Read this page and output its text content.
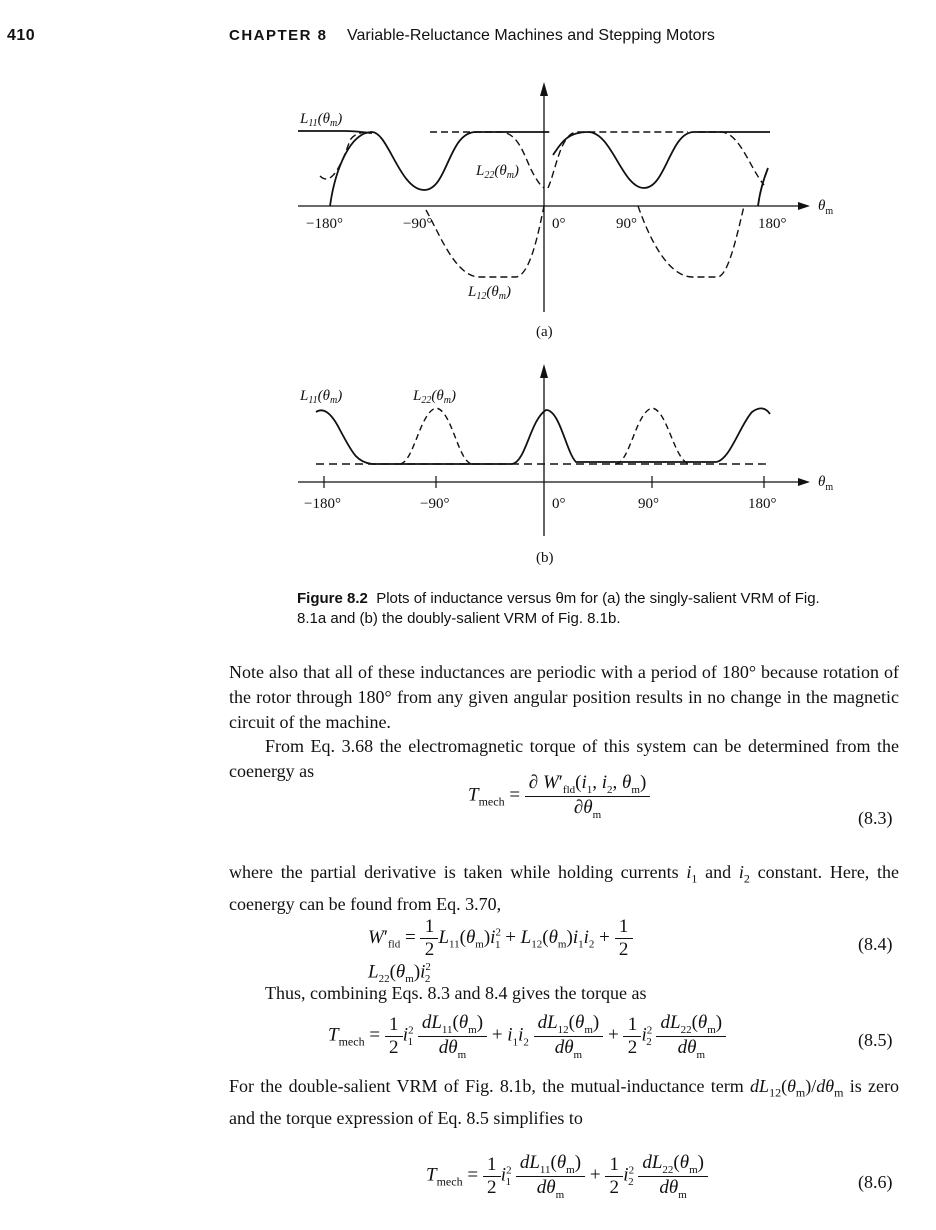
410	CHAPTER 8 Variable-Reluctance Machines and Stepping Motors
$L_{11}(\theta_m)$
$L_{22}(\theta_m)$
$L_{12}(\theta_m)$
−180°	−90°	0°	90°	180°
$\theta_m$
(a)
$L_{11}(\theta_m)$	$L_{22}(\theta_m)$
−180°	−90°	0°	90°	180°
$\theta_m$
(b)
Figure 8.2 Plots of inductance versus θm for (a) the singly-salient VRM of Fig. 8.1a and (b) the doubly-salient VRM of Fig. 8.1b.
Note also that all of these inductances are periodic with a period of 180° because rotation of the rotor through 180° from any given angular position results in no change in the magnetic circuit of the machine.
From Eq. 3.68 the electromagnetic torque of this system can be determined from the coenergy as
$T_{mech} = \frac{\partial W'_{fld}(i_1, i_2, \theta_m)}{\partial\theta_m}$	(8.3)
where the partial derivative is taken while holding currents $i_1$ and $i_2$ constant. Here, the coenergy can be found from Eq. 3.70,
$W'_{fld} = \frac{1}{2} L_{11}(\theta_m)i^2_1 + L_{12}(\theta_m)i_1i_2 + \frac{1}{2}$
$L_{22}(\theta_m)i^2_2$
(8.4)
Thus, combining Eqs. 8.3 and 8.4 gives the torque as
$T_{mech} = \frac{1}{2} i^2_1 \frac{dL_{11}(\theta_m)}{d\theta_m} + i_1i_2 \frac{dL_{12}(\theta_m)}{d\theta_m} + \frac{1}{2} i^2_2 \frac{dL_{22}(\theta_m)}{d\theta_m}$	(8.5)
For the double-salient VRM of Fig. 8.1b, the mutual-inductance term $dL_{12}(\theta_m)/d\theta_m$ is zero and the torque expression of Eq. 8.5 simplifies to
$T_{mech} = \frac{1}{2} i^2_1 \frac{dL_{11}(\theta_m)}{d\theta_m} + \frac{1}{2} i^2_2 \frac{dL_{22}(\theta_m)}{d\theta_m}$	(8.6)
